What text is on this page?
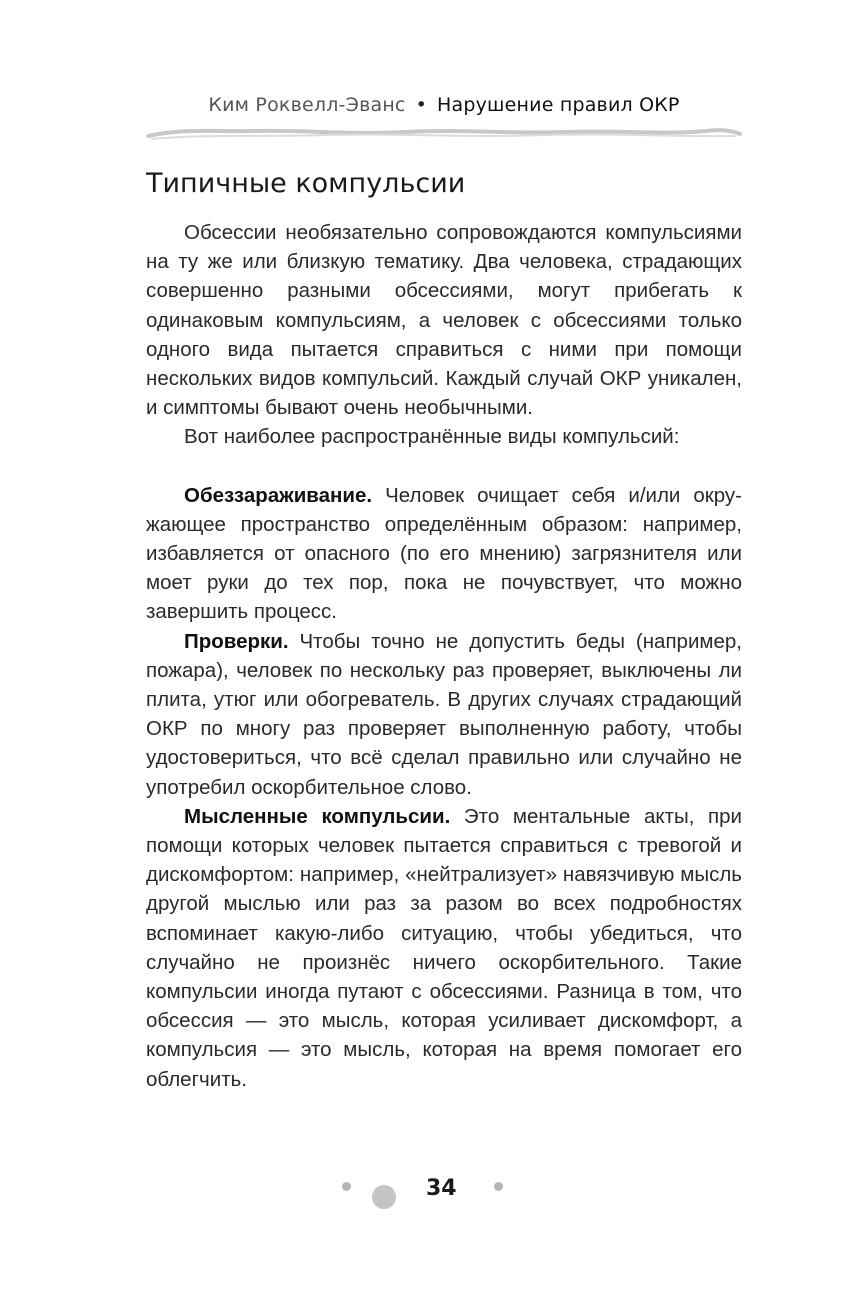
Ким Роквелл-Эванс • Нарушение правил ОКР
Типичные компульсии

Обсессии необязательно сопровождаются компульсиями на ту же или близкую тематику. Два человека, страдающих совершенно разными обсессиями, могут прибегать к одинаковым компульсиям, а человек с обсессиями только одного вида пытается справиться с ними при помощи нескольких видов компульсий. Каждый случай ОКР уникален, и симптомы бывают очень необычными.

Вот наиболее распространённые виды компульсий:

Обеззараживание. Человек очищает себя и/или окружающее пространство определённым образом: например, избавляется от опасного (по его мнению) загрязнителя или моет руки до тех пор, пока не почувствует, что можно завершить процесс.

Проверки. Чтобы точно не допустить беды (например, пожара), человек по нескольку раз проверяет, выключены ли плита, утюг или обогреватель. В других случаях страдающий ОКР по многу раз проверяет выполненную работу, чтобы удостовериться, что всё сделал правильно или случайно не употребил оскорбительное слово.

Мысленные компульсии. Это ментальные акты, при помощи которых человек пытается справиться с тревогой и дискомфортом: например, «нейтрализует» навязчивую мысль другой мыслью или раз за разом во всех подробностях вспоминает какую-либо ситуацию, чтобы убедиться, что случайно не произнёс ничего оскорбительного. Такие компульсии иногда путают с обсессиями. Разница в том, что обсессия — это мысль, которая усиливает дискомфорт, а компульсия — это мысль, которая на время помогает его облегчить.

34
